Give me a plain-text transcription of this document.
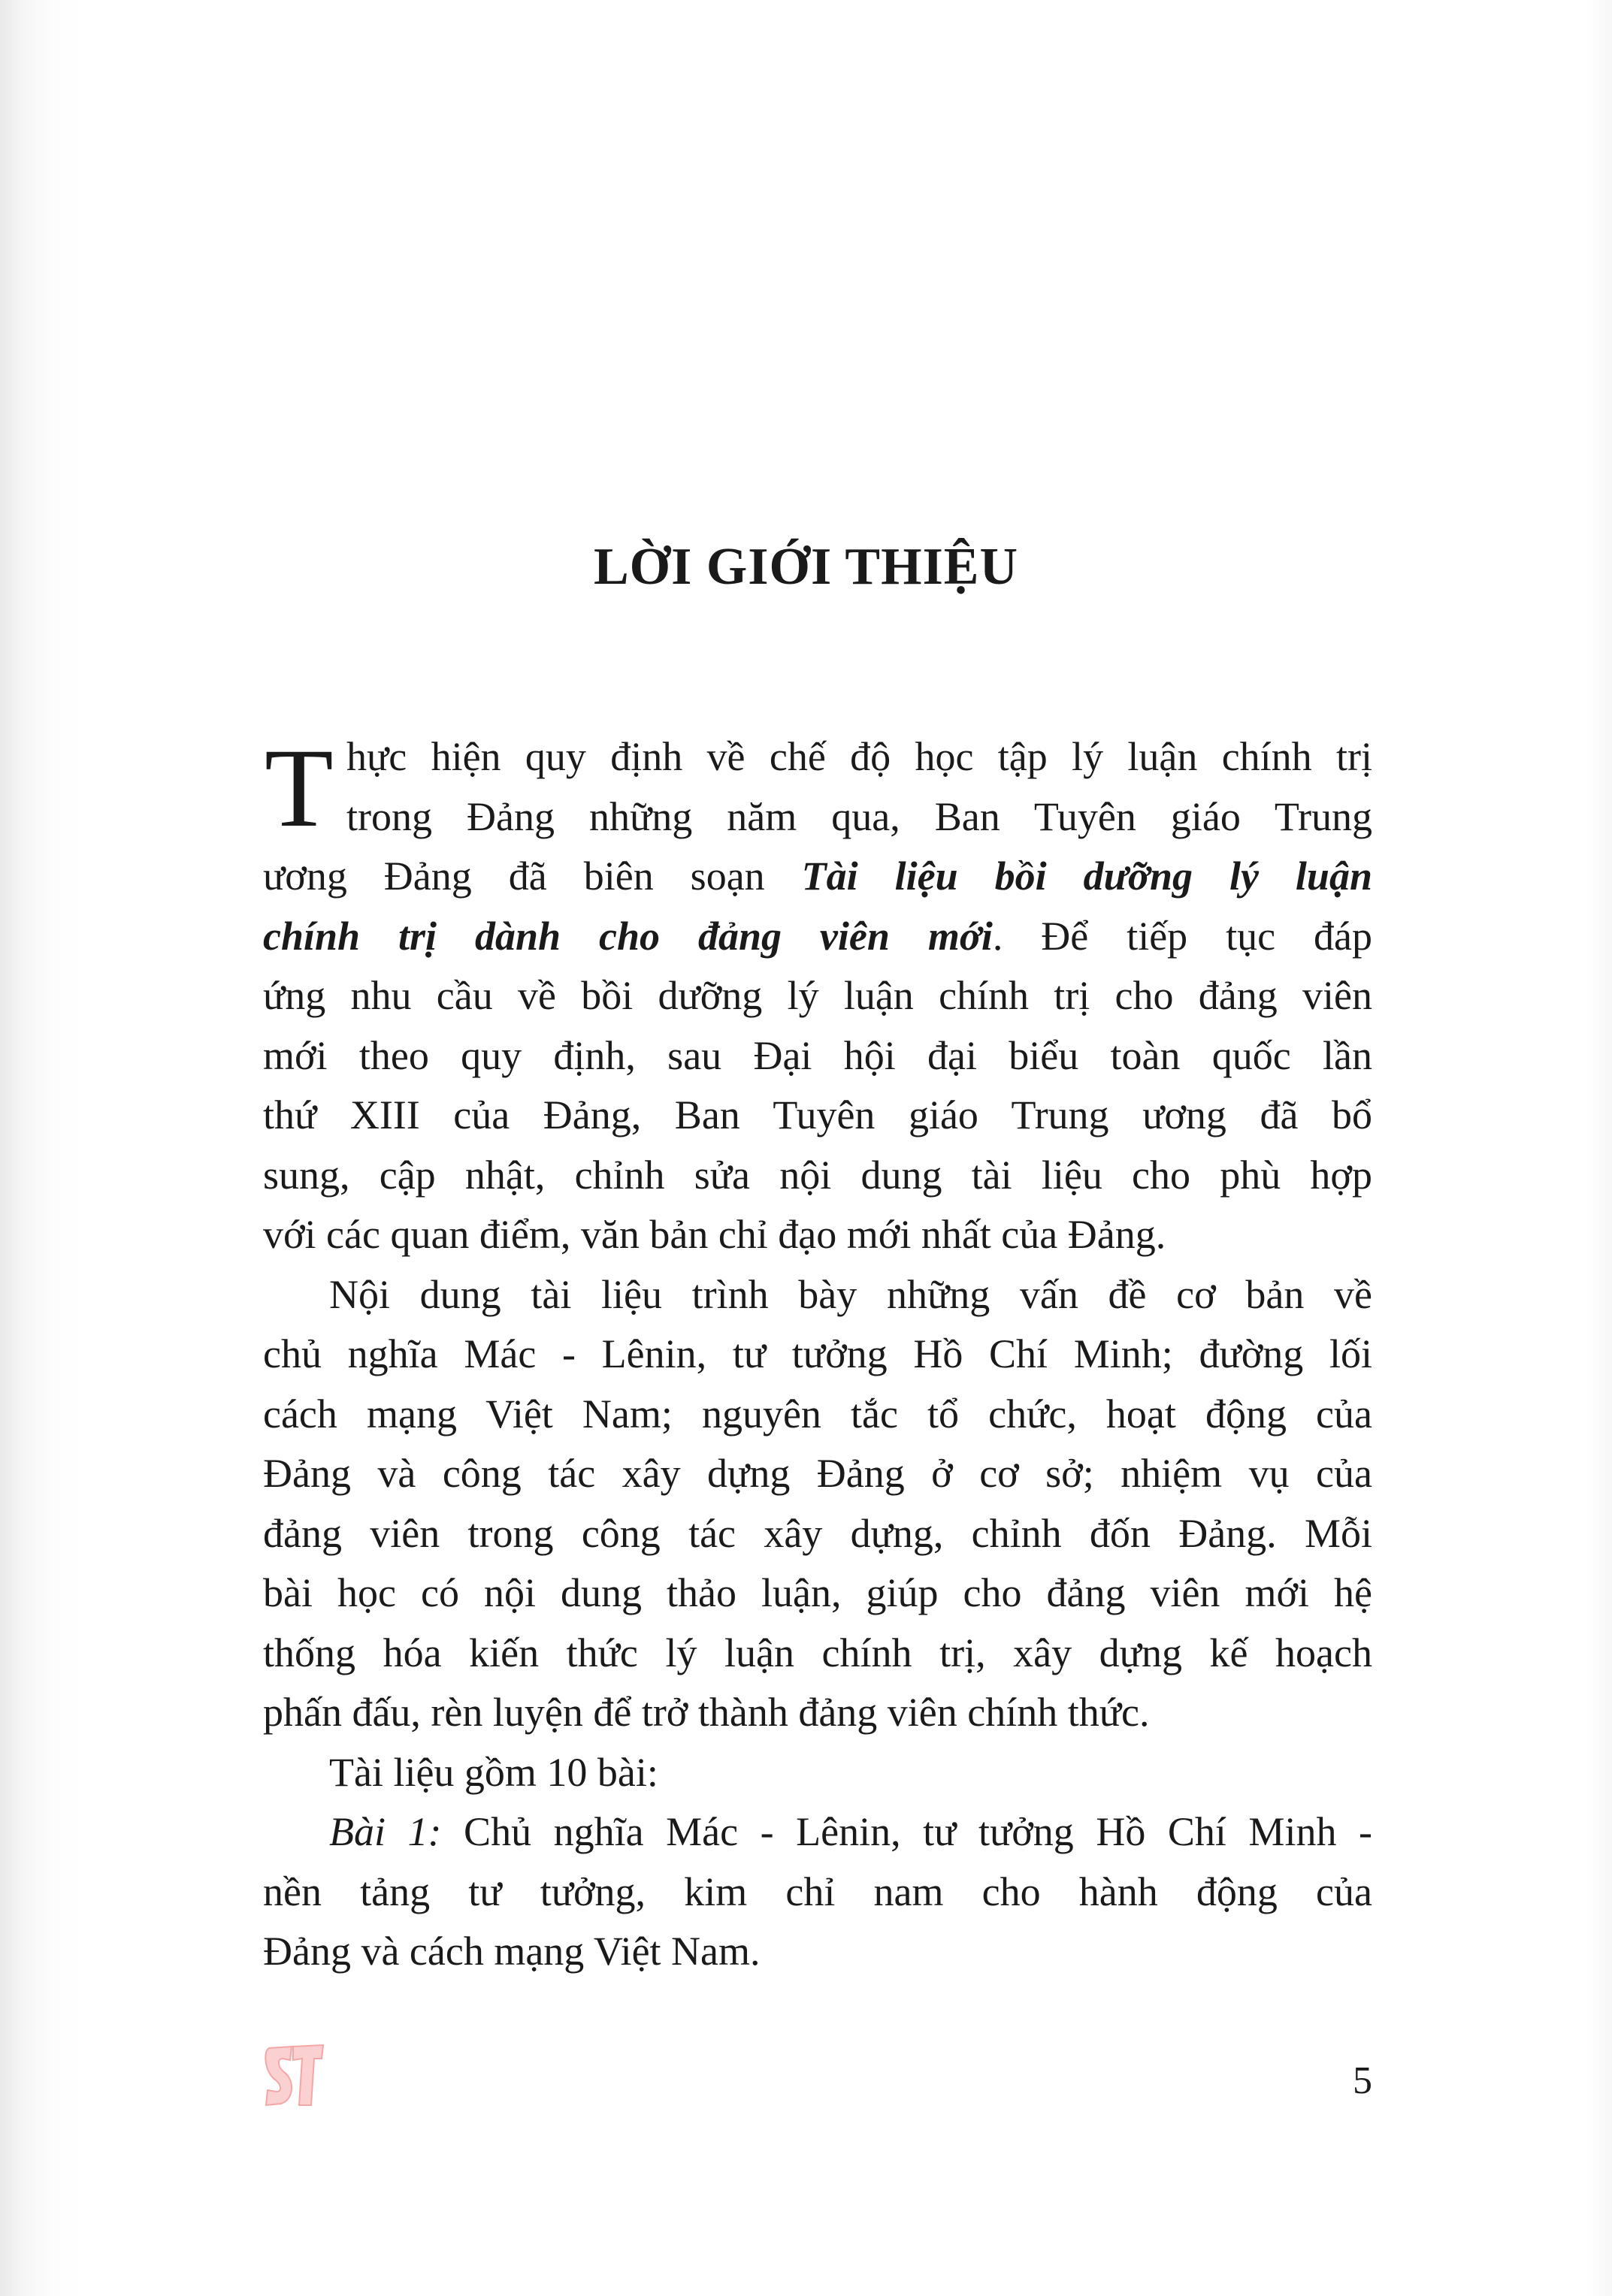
LỜI GIỚI THIỆU
T hực hiện quy định về chế độ học tập lý luận chính trị
trong Đảng những năm qua, Ban Tuyên giáo Trung
ương Đảng đã biên soạn Tài liệu bồi dưỡng lý luận
chính trị dành cho đảng viên mới. Để tiếp tục đáp
ứng nhu cầu về bồi dưỡng lý luận chính trị cho đảng viên
mới theo quy định, sau Đại hội đại biểu toàn quốc lần
thứ XIII của Đảng, Ban Tuyên giáo Trung ương đã bổ
sung, cập nhật, chỉnh sửa nội dung tài liệu cho phù hợp
với các quan điểm, văn bản chỉ đạo mới nhất của Đảng.
Nội dung tài liệu trình bày những vấn đề cơ bản về
chủ nghĩa Mác - Lênin, tư tưởng Hồ Chí Minh; đường lối
cách mạng Việt Nam; nguyên tắc tổ chức, hoạt động của
Đảng và công tác xây dựng Đảng ở cơ sở; nhiệm vụ của
đảng viên trong công tác xây dựng, chỉnh đốn Đảng. Mỗi
bài học có nội dung thảo luận, giúp cho đảng viên mới hệ
thống hóa kiến thức lý luận chính trị, xây dựng kế hoạch
phấn đấu, rèn luyện để trở thành đảng viên chính thức.
Tài liệu gồm 10 bài:
Bài 1: Chủ nghĩa Mác - Lênin, tư tưởng Hồ Chí Minh -
nền tảng tư tưởng, kim chỉ nam cho hành động của
Đảng và cách mạng Việt Nam.
5
